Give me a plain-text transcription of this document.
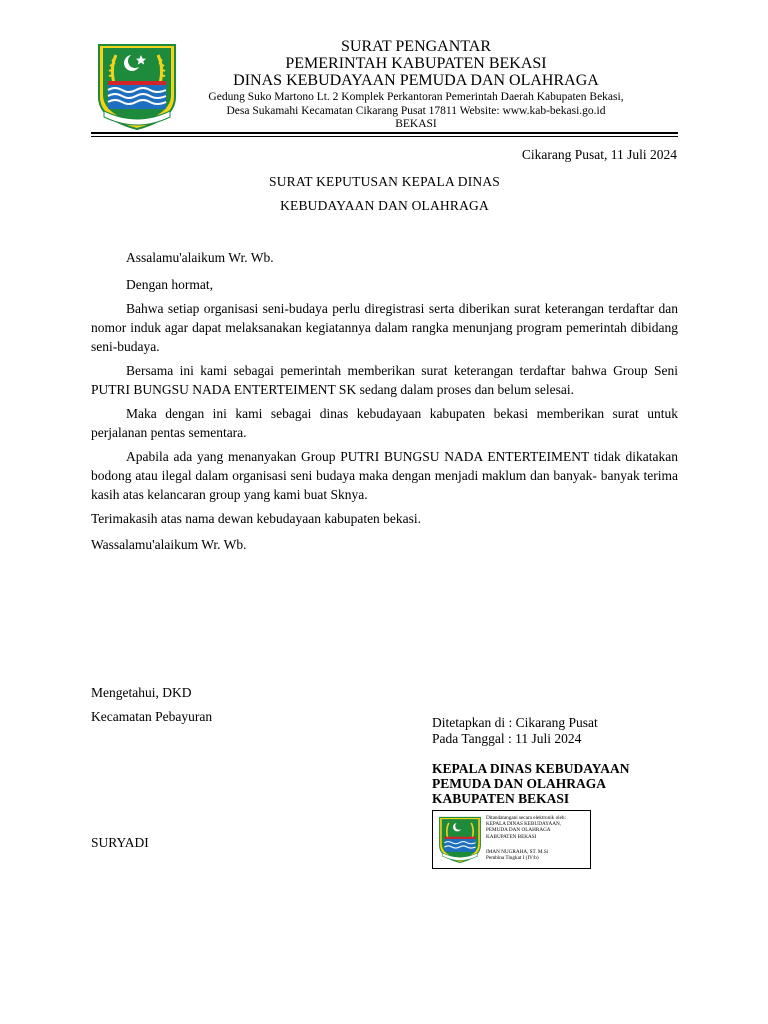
SURAT PENGANTAR
PEMERINTAH KABUPATEN BEKASI
DINAS KEBUDAYAAN PEMUDA DAN OLAHRAGA
Gedung Suko Martono Lt. 2 Komplek Perkantoran Pemerintah Daerah Kabupaten Bekasi,
Desa Sukamahi Kecamatan Cikarang Pusat 17811 Website: www.kab-bekasi.go.id
BEKASI
Cikarang Pusat, 11 Juli 2024
SURAT KEPUTUSAN KEPALA DINAS
KEBUDAYAAN DAN OLAHRAGA
Assalamu'alaikum Wr. Wb.
Dengan hormat,
Bahwa setiap organisasi seni-budaya perlu diregistrasi serta diberikan surat keterangan terdaftar dan nomor induk agar dapat melaksanakan kegiatannya dalam rangka menunjang program pemerintah dibidang seni-budaya.
Bersama ini kami sebagai pemerintah memberikan surat keterangan terdaftar bahwa Group Seni PUTRI BUNGSU NADA ENTERTEIMENT SK sedang dalam proses dan belum selesai.
Maka dengan ini kami sebagai dinas kebudayaan kabupaten bekasi memberikan surat untuk perjalanan pentas sementara.
Apabila ada yang menanyakan Group PUTRI BUNGSU NADA ENTERTEIMENT tidak dikatakan bodong atau ilegal dalam organisasi seni budaya maka dengan menjadi maklum dan banyak- banyak terima kasih atas kelancaran group yang kami buat Sknya.
Terimakasih atas nama dewan kebudayaan kabupaten bekasi.
Wassalamu'alaikum Wr. Wb.
Mengetahui, DKD
Kecamatan Pebayuran
SURYADI
Ditetapkan di : Cikarang Pusat
Pada Tanggal : 11 Juli 2024
KEPALA DINAS KEBUDAYAAN
PEMUDA DAN OLAHRAGA
KABUPATEN BEKASI
Ditandatangani secara elektronik oleh:
KEPALA DINAS KEBUDAYAAN,
PEMUDA DAN OLAHRAGA
KABUPATEN BEKASI
IMAN NUGRAHA, ST. M.Si
Pembina Tingkat I (IV/b)
